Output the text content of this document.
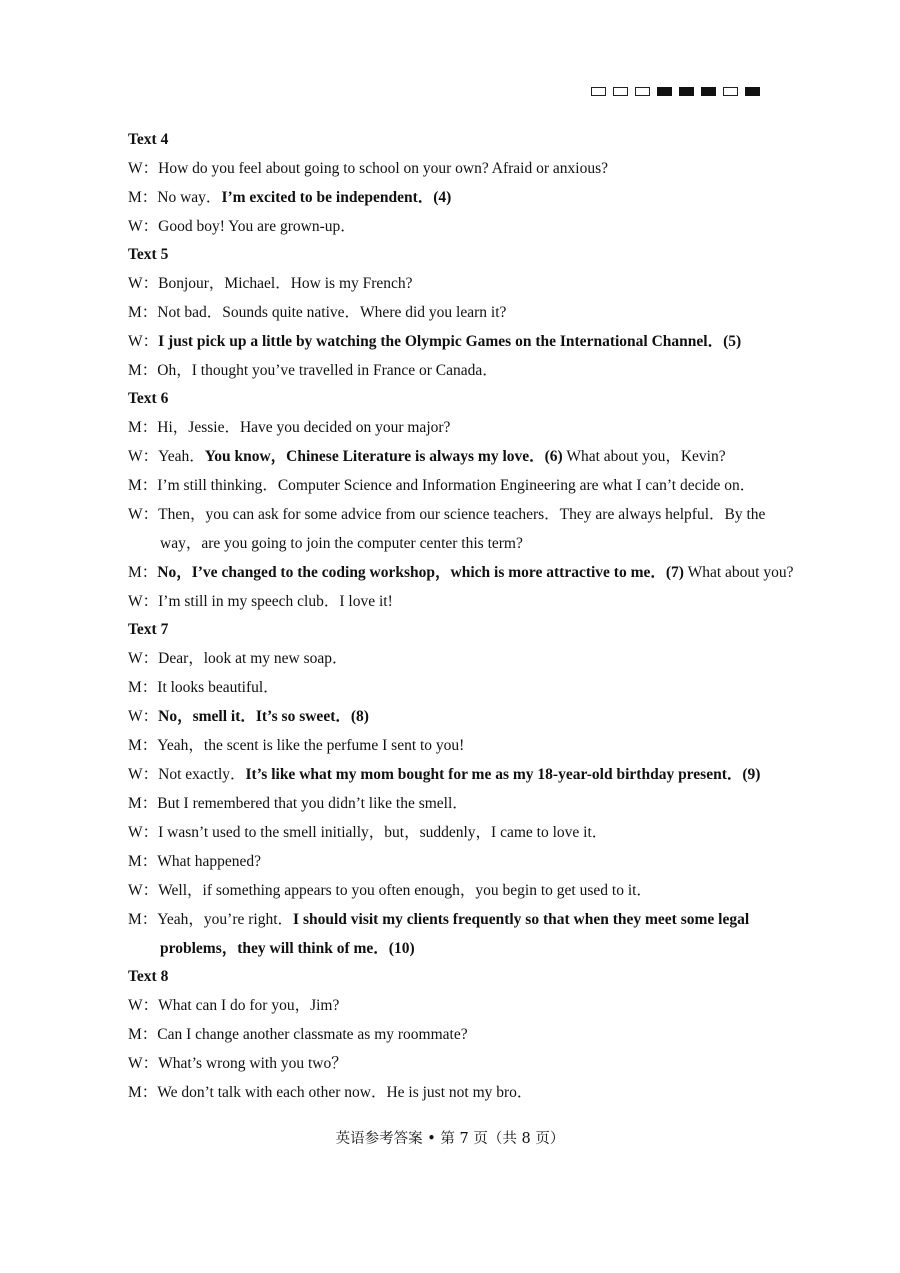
Text 4
W：How do you feel about going to school on your own? Afraid or anxious?
M：No way．I’m excited to be independent．(4)
W：Good boy! You are grown-up．
Text 5
W：Bonjour，Michael．How is my French?
M：Not bad．Sounds quite native．Where did you learn it?
W：I just pick up a little by watching the Olympic Games on the International Channel．(5)
M：Oh，I thought you’ve travelled in France or Canada．
Text 6
M：Hi，Jessie．Have you decided on your major?
W：Yeah．You know，Chinese Literature is always my love．(6) What about you，Kevin?
M：I’m still thinking．Computer Science and Information Engineering are what I can’t decide on．
W：Then，you can ask for some advice from our science teachers．They are always helpful．By the way，are you going to join the computer center this term?
M：No，I’ve changed to the coding workshop，which is more attractive to me．(7) What about you?
W：I’m still in my speech club．I love it!
Text 7
W：Dear，look at my new soap．
M：It looks beautiful．
W：No，smell it．It’s so sweet．(8)
M：Yeah，the scent is like the perfume I sent to you!
W：Not exactly．It’s like what my mom bought for me as my 18-year-old birthday present．(9)
M：But I remembered that you didn’t like the smell．
W：I wasn’t used to the smell initially，but，suddenly，I came to love it．
M：What happened?
W：Well，if something appears to you often enough，you begin to get used to it．
M：Yeah，you’re right．I should visit my clients frequently so that when they meet some legal problems，they will think of me．(10)
Text 8
W：What can I do for you，Jim?
M：Can I change another classmate as my roommate?
W：What’s wrong with you two？
M：We don’t talk with each other now．He is just not my bro．
英语参考答案 • 第 7 页（共 8 页）
